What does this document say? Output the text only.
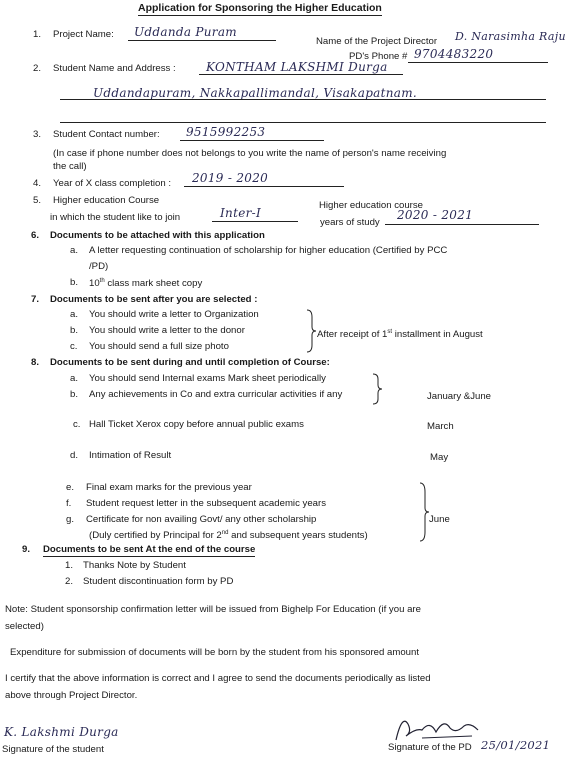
Application for Sponsoring the Higher Education
1. Project Name: Uddanda Puram
Name of the Project Director D. Narasimha Raju
PD's Phone # 9704483220
2. Student Name and Address :	KONTHAM LAKSHMI Durga
Uddandapuram, Nakkapallimandal, Visakapatnam.
3. Student Contact number: 9515992253
(In case if phone number does not belongs to you write the name of person's name receiving
the call)
4. Year of X class completion : 2019 - 2020
5. Higher education Course
in which the student like to join	Inter-I
Higher education course
years of study
2020 - 2021
6. Documents to be attached with this application
a. A letter requesting continuation of scholarship for higher education (Certified by PCC
/PD)
b. 10th class mark sheet copy
7. Documents to be sent after you are selected :
a. You should write a letter to Organization
b. You should write a letter to the donor
c. You should send a full size photo
After receipt of 1st installment in August
8. Documents to be sent during and until completion of Course:
a. You should send Internal exams Mark sheet periodically
b. Any achievements in Co and extra curricular activities if any	January &June
c. Hall Ticket Xerox copy before annual public exams	March
d. Intimation of Result	May
e. Final exam marks for the previous year
f. Student request letter in the subsequent academic years
g. Certificate for non availing Govt/ any other scholarship
(Duly certified by Principal for 2nd and subsequent years students)
June
9. Documents to be sent At the end of the course
1. Thanks Note by Student
2. Student discontinuation form by PD
Note: Student sponsorship confirmation letter will be issued from Bighelp For Education (if you are
selected)
Expenditure for submission of documents will be born by the student from his sponsored amount
I certify that the above information is correct and I agree to send the documents periodically as listed
above through Project Director.
K. Lakshmi Durga
Signature of the student	Signature of the PD 25/01/2021
